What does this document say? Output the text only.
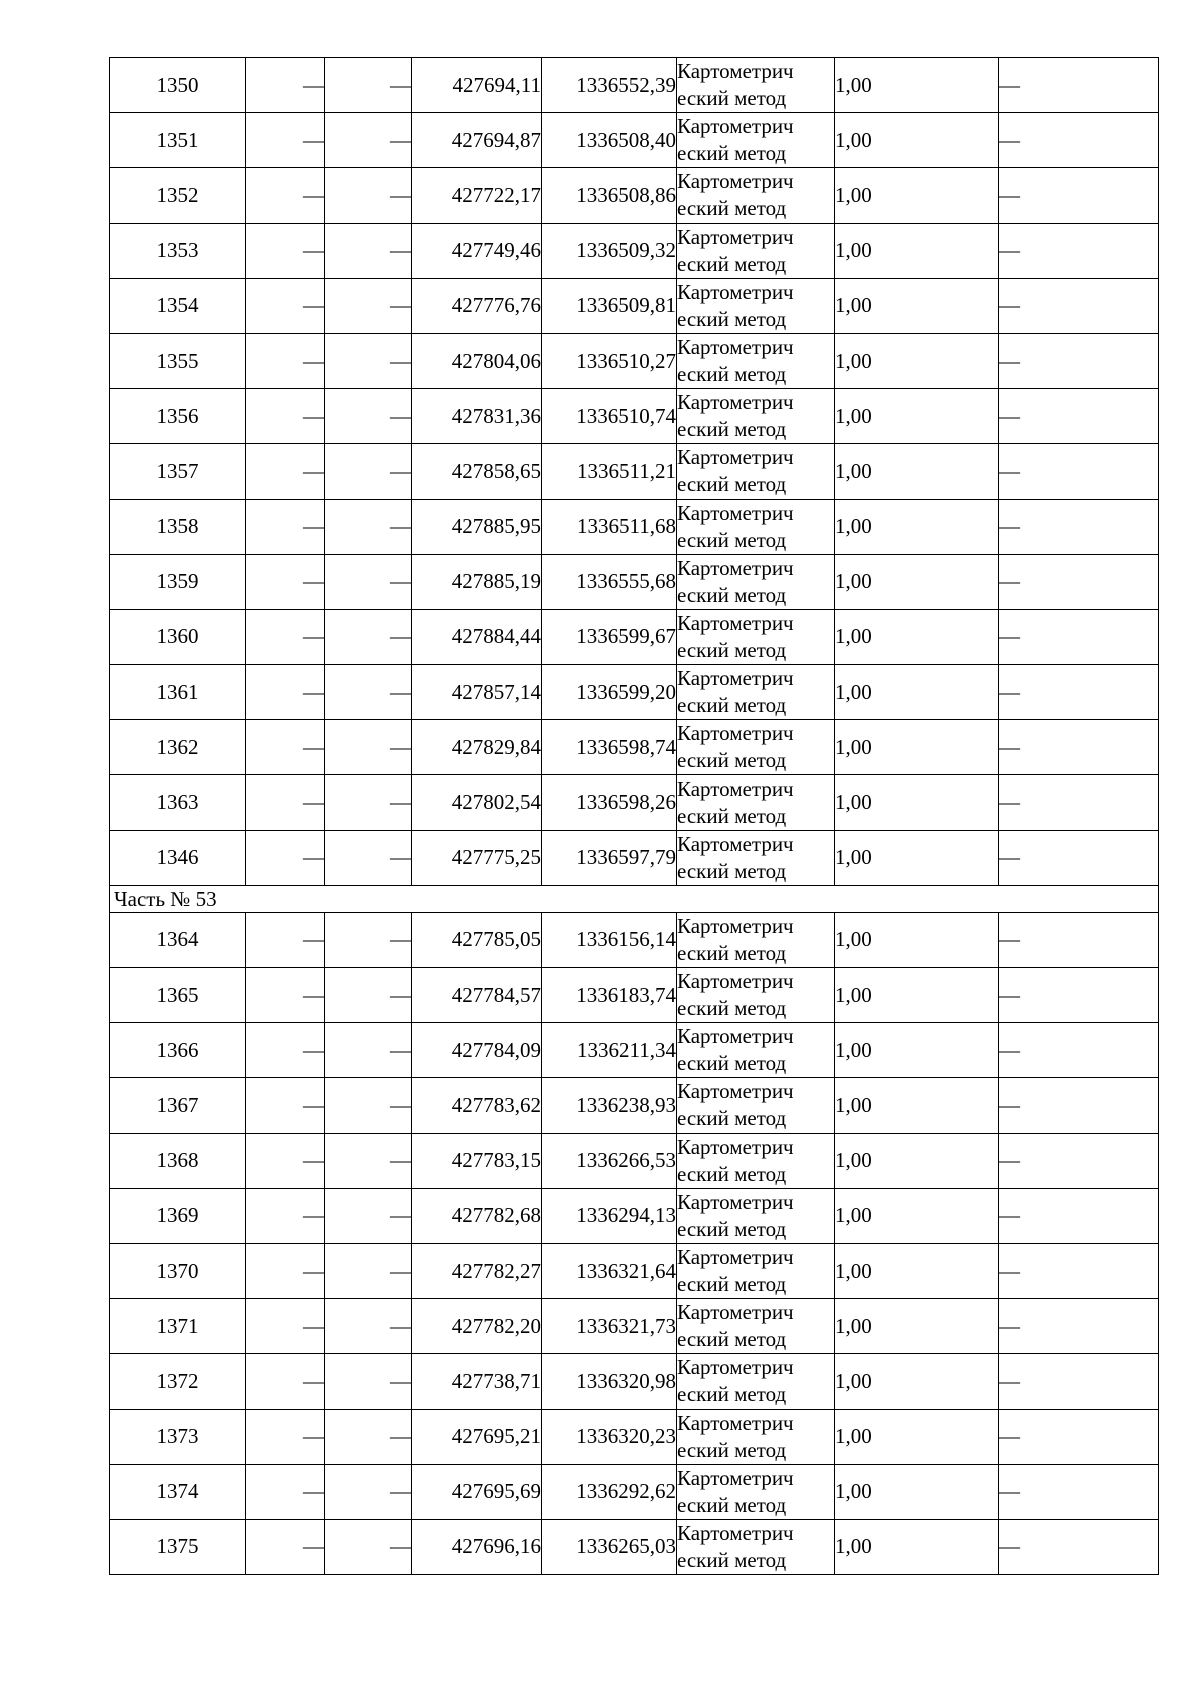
1350	—	—	427694,11	1336552,39	Картометрич
еский метод	1,00	—
1351	—	—	427694,87	1336508,40	Картометрич
еский метод	1,00	—
1352	—	—	427722,17	1336508,86	Картометрич
еский метод	1,00	—
1353	—	—	427749,46	1336509,32	Картометрич
еский метод	1,00	—
1354	—	—	427776,76	1336509,81	Картометрич
еский метод	1,00	—
1355	—	—	427804,06	1336510,27	Картометрич
еский метод	1,00	—
1356	—	—	427831,36	1336510,74	Картометрич
еский метод	1,00	—
1357	—	—	427858,65	1336511,21	Картометрич
еский метод	1,00	—
1358	—	—	427885,95	1336511,68	Картометрич
еский метод	1,00	—
1359	—	—	427885,19	1336555,68	Картометрич
еский метод	1,00	—
1360	—	—	427884,44	1336599,67	Картометрич
еский метод	1,00	—
1361	—	—	427857,14	1336599,20	Картометрич
еский метод	1,00	—
1362	—	—	427829,84	1336598,74	Картометрич
еский метод	1,00	—
1363	—	—	427802,54	1336598,26	Картометрич
еский метод	1,00	—
1346	—	—	427775,25	1336597,79	Картометрич
еский метод	1,00	—
Часть № 53							
1364	—	—	427785,05	1336156,14	Картометрич
еский метод	1,00	—
1365	—	—	427784,57	1336183,74	Картометрич
еский метод	1,00	—
1366	—	—	427784,09	1336211,34	Картометрич
еский метод	1,00	—
1367	—	—	427783,62	1336238,93	Картометрич
еский метод	1,00	—
1368	—	—	427783,15	1336266,53	Картометрич
еский метод	1,00	—
1369	—	—	427782,68	1336294,13	Картометрич
еский метод	1,00	—
1370	—	—	427782,27	1336321,64	Картометрич
еский метод	1,00	—
1371	—	—	427782,20	1336321,73	Картометрич
еский метод	1,00	—
1372	—	—	427738,71	1336320,98	Картометрич
еский метод	1,00	—
1373	—	—	427695,21	1336320,23	Картометрич
еский метод	1,00	—
1374	—	—	427695,69	1336292,62	Картометрич
еский метод	1,00	—
1375	—	—	427696,16	1336265,03	Картометрич
еский метод	1,00	—
